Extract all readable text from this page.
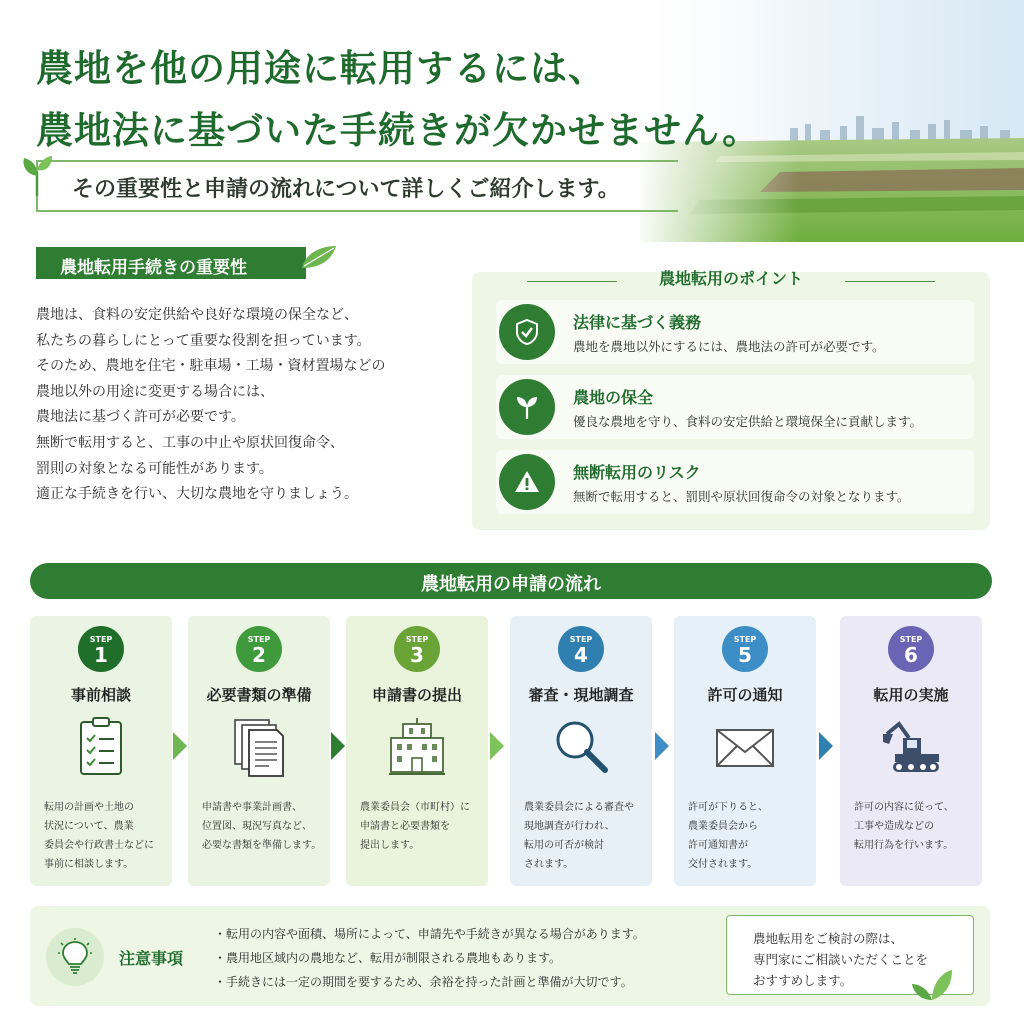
農地を他の用途に転用するには、
農地法に基づいた手続きが欠かせません。
その重要性と申請の流れについて詳しくご紹介します。
農地転用手続きの重要性

農地は、食料の安定供給や良好な環境の保全など、

私たちの暮らしにとって重要な役割を担っています。

そのため、農地を住宅・駐車場・工場・資材置場などの

農地以外の用途に変更する場合には、

農地法に基づく許可が必要です。

無断で転用すると、工事の中止や原状回復命令、

罰則の対象となる可能性があります。

適正な手続きを行い、大切な農地を守りましょう。

農地転用のポイント
法律に基づく義務
農地を農地以外にするには、農地法の許可が必要です。
農地の保全
優良な農地を守り、食料の安定供給と環境保全に貢献します。
無断転用のリスク
無断で転用すると、罰則や原状回復命令の対象となります。
農地転用の申請の流れ
STEP
1
事前相談
転用の計画や土地の
状況について、農業
委員会や行政書士などに
事前に相談します。
STEP
2
必要書類の準備
申請書や事業計画書、
位置図、現況写真など、
必要な書類を準備します。
STEP
3
申請書の提出
農業委員会（市町村）に
申請書と必要書類を
提出します。
STEP
4
審査・現地調査
農業委員会による審査や
現地調査が行われ、
転用の可否が検討
されます。
STEP
5
許可の通知
許可が下りると、
農業委員会から
許可通知書が
交付されます。
STEP
6
転用の実施
許可の内容に従って、
工事や造成などの
転用行為を行います。
注意事項
・転用の内容や面積、場所によって、申請先や手続きが異なる場合があります。
・農用地区域内の農地など、転用が制限される農地もあります。
・手続きには一定の期間を要するため、余裕を持った計画と準備が大切です。
農地転用をご検討の際は、
専門家にご相談いただくことを
おすすめします。
